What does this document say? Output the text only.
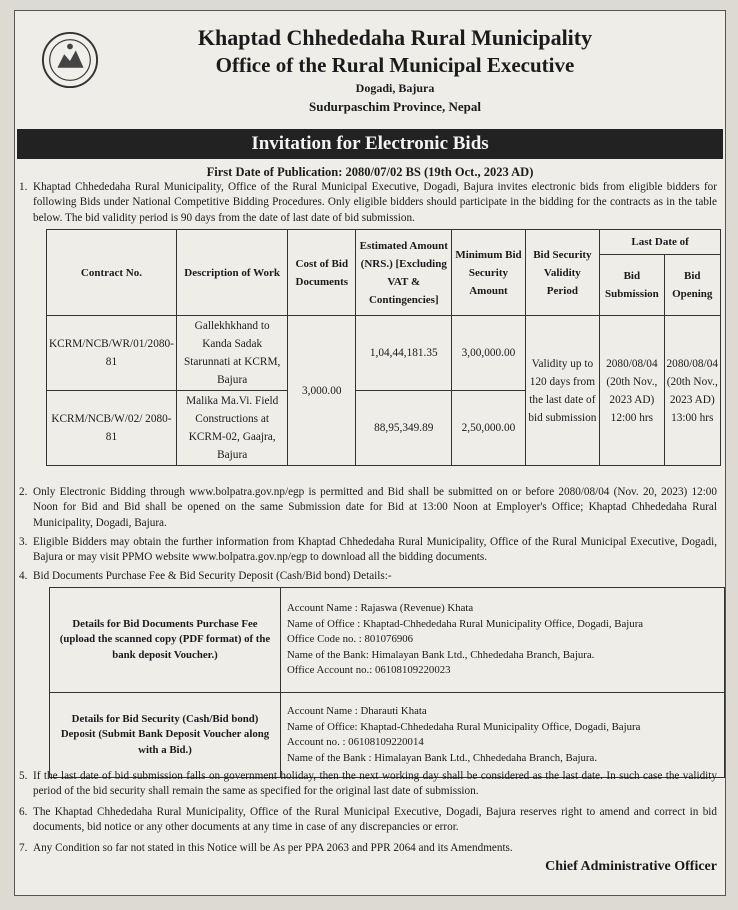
Khaptad Chhededaha Rural Municipality
Office of the Rural Municipal Executive
Dogadi, Bajura
Sudurpaschim Province, Nepal
Invitation for Electronic Bids
First Date of Publication: 2080/07/02 BS (19th Oct., 2023 AD)
1. Khaptad Chhededaha Rural Municipality, Office of the Rural Municipal Executive, Dogadi, Bajura invites electronic bids from eligible bidders for following Bids under National Competitive Bidding Procedures. Only eligible bidders should participate in the bidding for the contracts as in the table below. The bid validity period is 90 days from the date of last date of bid submission.
Contract No.	Description of Work	Cost of Bid Documents	Estimated Amount (NRS.) [Excluding VAT & Contingencies]	Minimum Bid Security Amount	Bid Security Validity Period	Last Date of	
						Bid Submission	Bid Opening
KCRM/NCB/WR/01/2080-81	Gallekhkhand to Kanda Sadak Starunnati at KCRM, Bajura	3,000.00	1,04,44,181.35	3,00,000.00	Validity up to 120 days from the last date of bid submission	2080/08/04 (20th Nov., 2023 AD) 12:00 hrs	2080/08/04 (20th Nov., 2023 AD) 13:00 hrs
KCRM/NCB/W/02/ 2080-81	Malika Ma.Vi. Field Constructions at KCRM-02, Gaajra, Bajura		88,95,349.89	2,50,000.00			
2. Only Electronic Bidding through www.bolpatra.gov.np/egp is permitted and Bid shall be submitted on or before 2080/08/04 (Nov. 20, 2023) 12:00 Noon for Bid and Bid shall be opened on the same Submission date for Bid at 13:00 Noon at Employer's Office; Khaptad Chhededaha Rural Municipality, Dogadi, Bajura.
3. Eligible Bidders may obtain the further information from Khaptad Chhededaha Rural Municipality, Office of the Rural Municipal Executive, Dogadi, Bajura or may visit PPMO website www.bolpatra.gov.np/egp to download all the bidding documents.
4. Bid Documents Purchase Fee & Bid Security Deposit (Cash/Bid bond) Details:-
Details for Bid Documents Purchase Fee (upload the scanned copy (PDF format) of the bank deposit Voucher.)	Account Name : Rajaswa (Revenue) Khata
Name of Office : Khaptad-Chhededaha Rural Municipality Office, Dogadi, Bajura
Office Code no. : 801076906
Name of the Bank: Himalayan Bank Ltd., Chhededaha Branch, Bajura.
Office Account no.: 06108109220023

Details for Bid Security (Cash/Bid bond) Deposit (Submit Bank Deposit Voucher along with a Bid.)	Account Name : Dharauti Khata
Name of Office: Khaptad-Chhededaha Rural Municipality Office, Dogadi, Bajura
Account no. : 06108109220014
Name of the Bank : Himalayan Bank Ltd., Chhededaha Branch, Bajura.
5. If the last date of bid submission falls on government holiday, then the next working day shall be considered as the last date. In such case the validity period of the bid security shall remain the same as specified for the original last date of submission.
6. The Khaptad Chhededaha Rural Municipality, Office of the Rural Municipal Executive, Dogadi, Bajura reserves right to amend and correct in bid documents, bid notice or any other documents at any time in case of any discrepancies or error.
7. Any Condition so far not stated in this Notice will be As per PPA 2063 and PPR 2064 and its Amendments.
Chief Administrative Officer
